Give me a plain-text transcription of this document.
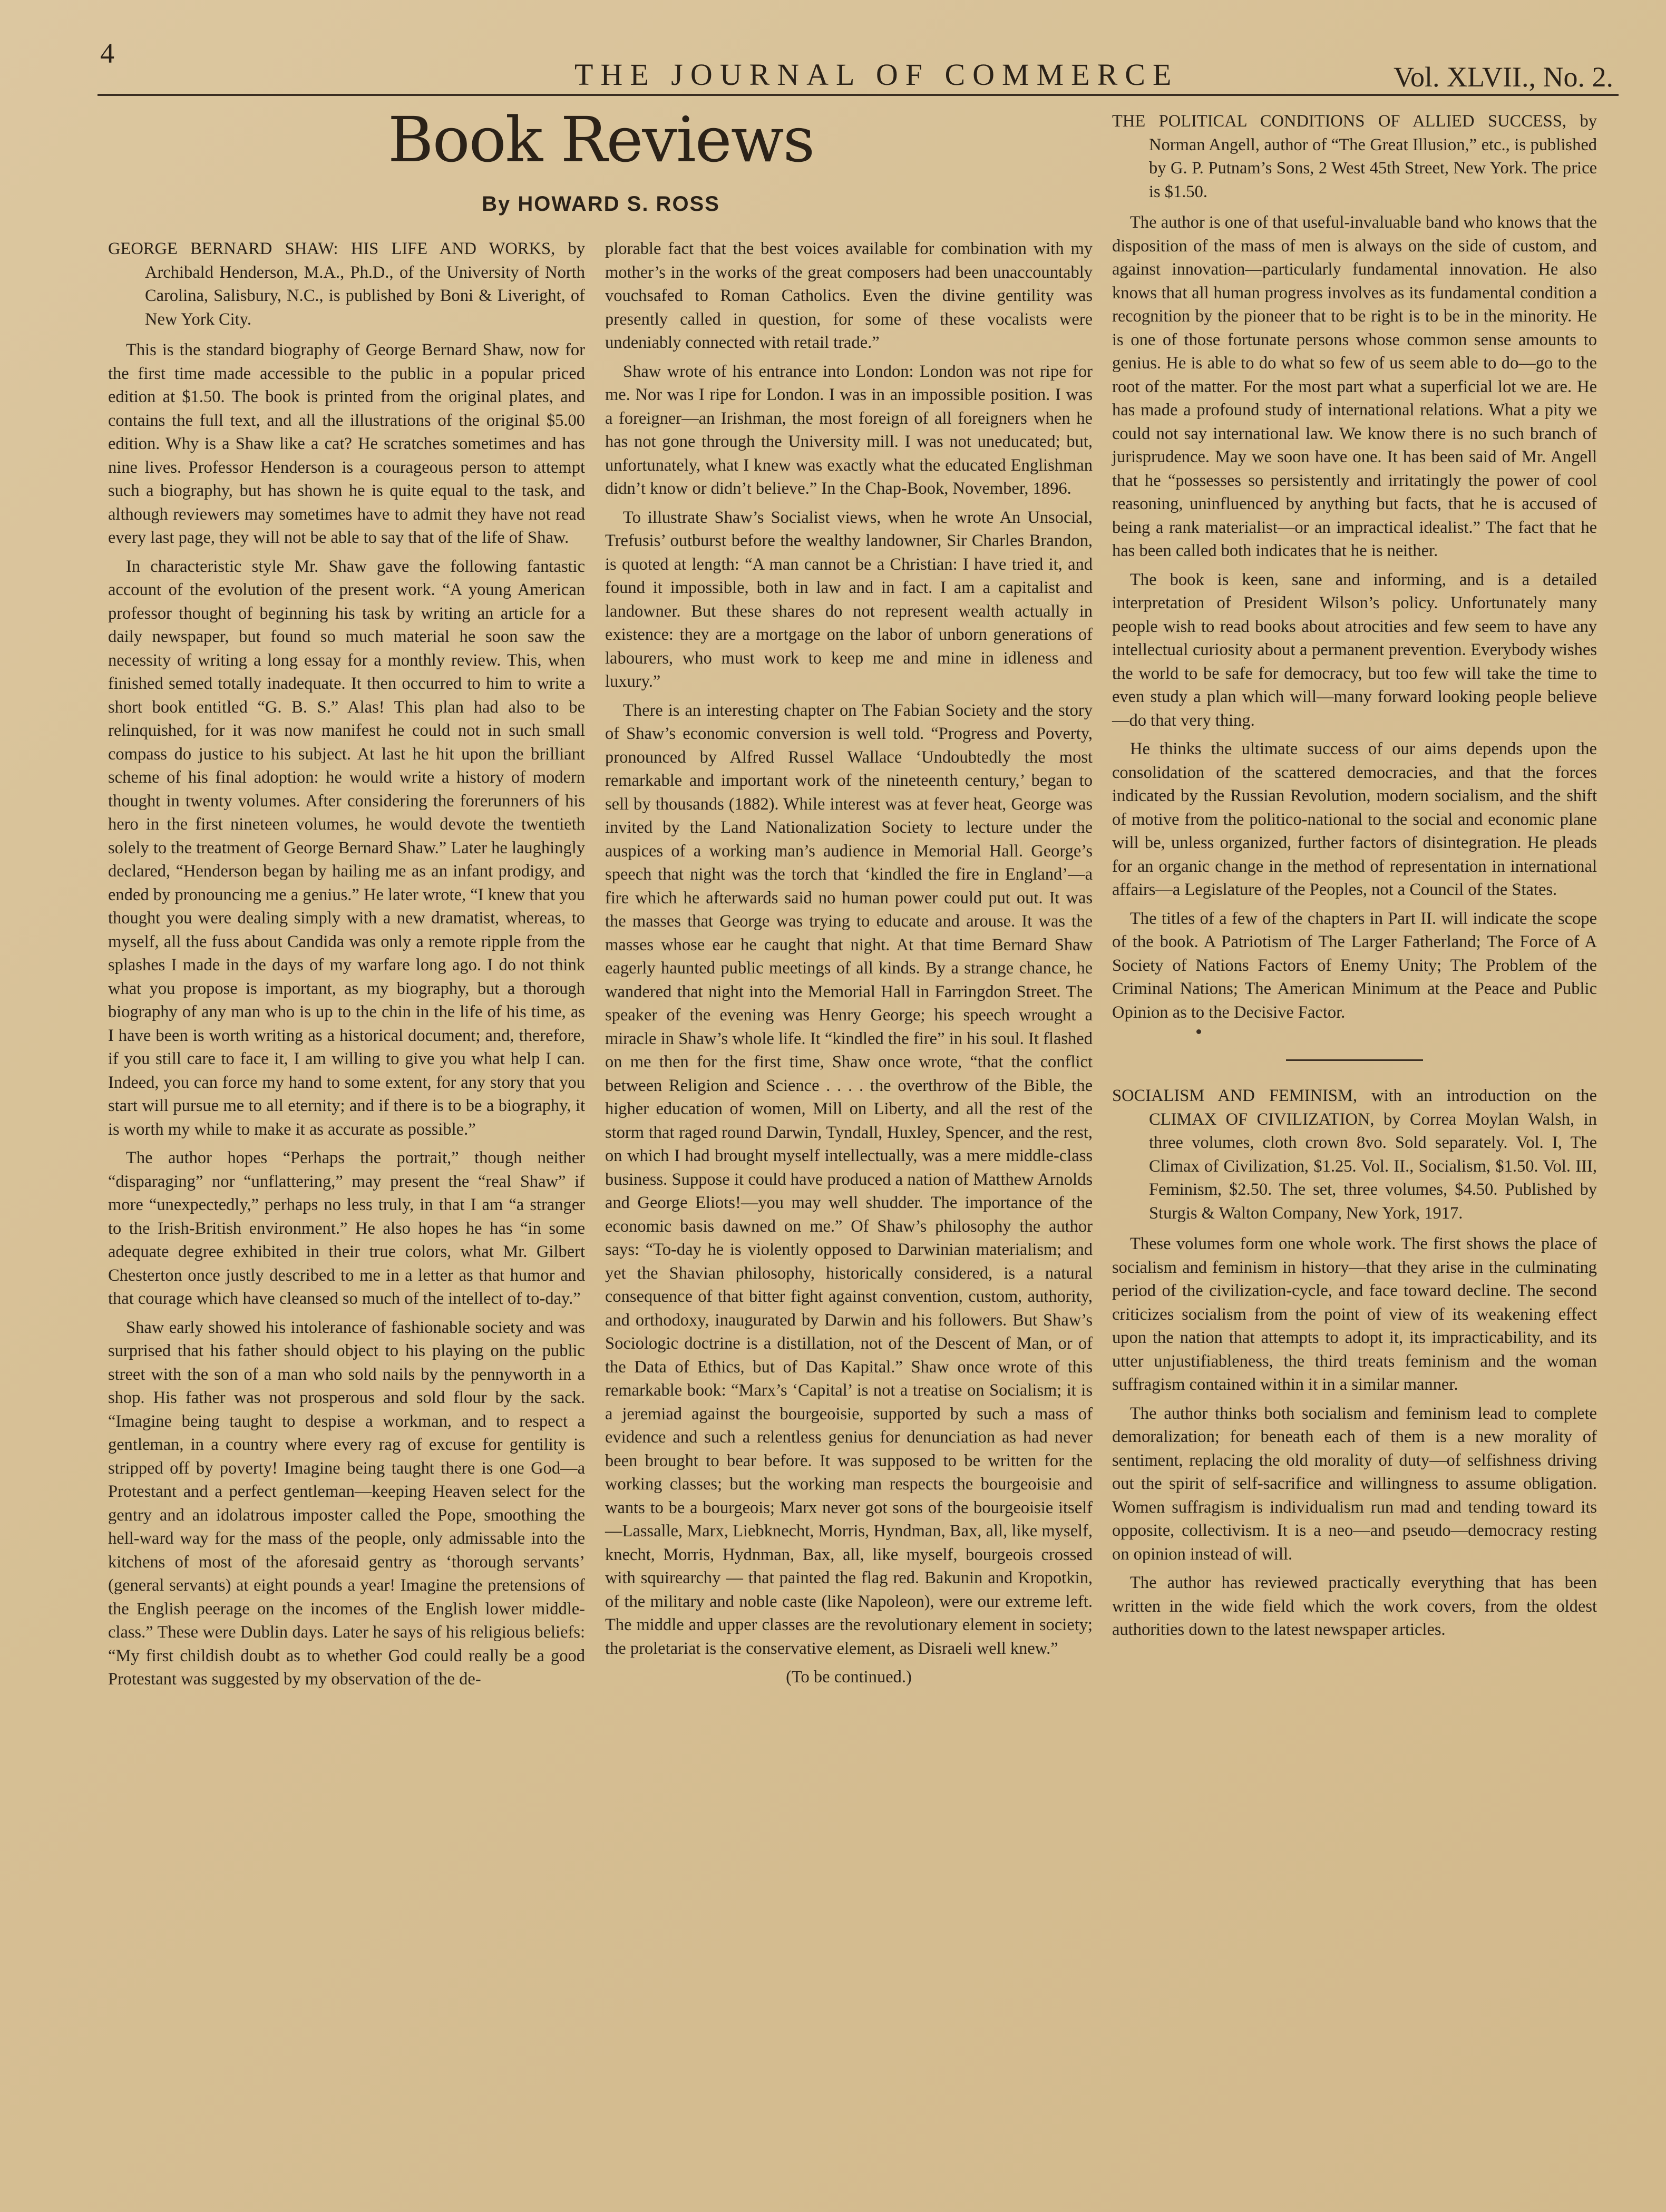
4
THE JOURNAL OF COMMERCE	Vol. XLVII., No. 2.
Book Reviews
By HOWARD S. ROSS

GEORGE BERNARD SHAW: HIS LIFE AND WORKS, by Archibald Henderson, M.A., Ph.D., of the University of North Carolina, Salisbury, N.C., is published by Boni & Liveright, of New York City.

This is the standard biography of George Bernard Shaw, now for the first time made accessible to the public in a popular priced edition at $1.50. The book is printed from the original plates, and contains the full text, and all the illustrations of the original $5.00 edition. Why is a Shaw like a cat? He scratches sometimes and has nine lives. Professor Henderson is a courageous person to attempt such a biography, but has shown he is quite equal to the task, and although reviewers may sometimes have to admit they have not read every last page, they will not be able to say that of the life of Shaw.

In characteristic style Mr. Shaw gave the following fantastic account of the evolution of the present work. “A young American professor thought of beginning his task by writing an article for a daily newspaper, but found so much material he soon saw the necessity of writing a long essay for a monthly review. This, when finished semed totally inadequate. It then occurred to him to write a short book entitled “G. B. S.” Alas! This plan had also to be relinquished, for it was now manifest he could not in such small compass do justice to his subject. At last he hit upon the brilliant scheme of his final adoption: he would write a history of modern thought in twenty volumes. After considering the forerunners of his hero in the first nineteen volumes, he would devote the twentieth solely to the treatment of George Bernard Shaw.” Later he laughingly declared, “Henderson began by hailing me as an infant prodigy, and ended by pronouncing me a genius.” He later wrote, “I knew that you thought you were dealing simply with a new dramatist, whereas, to myself, all the fuss about Candida was only a remote ripple from the splashes I made in the days of my warfare long ago. I do not think what you propose is important, as my biography, but a thorough biography of any man who is up to the chin in the life of his time, as I have been is worth writing as a historical document; and, therefore, if you still care to face it, I am willing to give you what help I can. Indeed, you can force my hand to some extent, for any story that you start will pursue me to all eternity; and if there is to be a biography, it is worth my while to make it as accurate as possible.”

The author hopes “Perhaps the portrait,” though neither “disparaging” nor “unflattering,” may present the “real Shaw” if more “unexpectedly,” perhaps no less truly, in that I am “a stranger to the Irish-British environment.” He also hopes he has “in some adequate degree exhibited in their true colors, what Mr. Gilbert Chesterton once justly described to me in a letter as that humor and that courage which have cleansed so much of the intellect of to-day.”

Shaw early showed his intolerance of fashionable society and was surprised that his father should object to his playing on the public street with the son of a man who sold nails by the pennyworth in a shop. His father was not prosperous and sold flour by the sack. “Imagine being taught to despise a workman, and to respect a gentleman, in a country where every rag of excuse for gentility is stripped off by poverty! Imagine being taught there is one God—a Protestant and a perfect gentleman—keeping Heaven select for the gentry and an idolatrous imposter called the Pope, smoothing the hell-ward way for the mass of the people, only admissable into the kitchens of most of the aforesaid gentry as ‘thorough servants’ (general servants) at eight pounds a year! Imagine the pretensions of the English peerage on the incomes of the English lower middle-class.” These were Dublin days. Later he says of his religious beliefs: “My first childish doubt as to whether God could really be a good Protestant was suggested by my observation of the de-

plorable fact that the best voices available for combination with my mother’s in the works of the great composers had been unaccountably vouchsafed to Roman Catholics. Even the divine gentility was presently called in question, for some of these vocalists were undeniably connected with retail trade.”

Shaw wrote of his entrance into London: London was not ripe for me. Nor was I ripe for London. I was in an impossible position. I was a foreigner—an Irishman, the most foreign of all foreigners when he has not gone through the University mill. I was not uneducated; but, unfortunately, what I knew was exactly what the educated Englishman didn’t know or didn’t believe.” In the Chap-Book, November, 1896.

To illustrate Shaw’s Socialist views, when he wrote An Unsocial, Trefusis’ outburst before the wealthy landowner, Sir Charles Brandon, is quoted at length: “A man cannot be a Christian: I have tried it, and found it impossible, both in law and in fact. I am a capitalist and landowner. But these shares do not represent wealth actually in existence: they are a mortgage on the labor of unborn generations of labourers, who must work to keep me and mine in idleness and luxury.”

There is an interesting chapter on The Fabian Society and the story of Shaw’s economic conversion is well told. “Progress and Poverty, pronounced by Alfred Russel Wallace ‘Undoubtedly the most remarkable and important work of the nineteenth century,’ began to sell by thousands (1882). While interest was at fever heat, George was invited by the Land Nationalization Society to lecture under the auspices of a working man’s audience in Memorial Hall. George’s speech that night was the torch that ‘kindled the fire in England’—a fire which he afterwards said no human power could put out. It was the masses that George was trying to educate and arouse. It was the masses whose ear he caught that night. At that time Bernard Shaw eagerly haunted public meetings of all kinds. By a strange chance, he wandered that night into the Memorial Hall in Farringdon Street. The speaker of the evening was Henry George; his speech wrought a miracle in Shaw’s whole life. It “kindled the fire” in his soul. It flashed on me then for the first time, Shaw once wrote, “that the conflict between Religion and Science . . . . the overthrow of the Bible, the higher education of women, Mill on Liberty, and all the rest of the storm that raged round Darwin, Tyndall, Huxley, Spencer, and the rest, on which I had brought myself intellectually, was a mere middle-class business. Suppose it could have produced a nation of Matthew Arnolds and George Eliots!—you may well shudder. The importance of the economic basis dawned on me.” Of Shaw’s philosophy the author says: “To-day he is violently opposed to Darwinian materialism; and yet the Shavian philosophy, historically considered, is a natural consequence of that bitter fight against convention, custom, authority, and orthodoxy, inaugurated by Darwin and his followers. But Shaw’s Sociologic doctrine is a distillation, not of the Descent of Man, or of the Data of Ethics, but of Das Kapital.” Shaw once wrote of this remarkable book: “Marx’s ‘Capital’ is not a treatise on Socialism; it is a jeremiad against the bourgeoisie, supported by such a mass of evidence and such a relentless genius for denunciation as had never been brought to bear before. It was supposed to be written for the working classes; but the working man respects the bourgeoisie and wants to be a bourgeois; Marx never got sons of the bourgeoisie itself—Lassalle, Marx, Liebknecht, Morris, Hyndman, Bax, all, like myself, knecht, Morris, Hydnman, Bax, all, like myself, bourgeois crossed with squirearchy — that painted the flag red. Bakunin and Kropotkin, of the military and noble caste (like Napoleon), were our extreme left. The middle and upper classes are the revolutionary element in society; the proletariat is the conservative element, as Disraeli well knew.”

(To be continued.)

THE POLITICAL CONDITIONS OF ALLIED SUCCESS, by Norman Angell, author of “The Great Illusion,” etc., is published by G. P. Putnam’s Sons, 2 West 45th Street, New York. The price is $1.50.

The author is one of that useful-invaluable band who knows that the disposition of the mass of men is always on the side of custom, and against innovation—particularly fundamental innovation. He also knows that all human progress involves as its fundamental condition a recognition by the pioneer that to be right is to be in the minority. He is one of those fortunate persons whose common sense amounts to genius. He is able to do what so few of us seem able to do—go to the root of the matter. For the most part what a superficial lot we are. He has made a profound study of international relations. What a pity we could not say international law. We know there is no such branch of jurisprudence. May we soon have one. It has been said of Mr. Angell that he “possesses so persistently and irritatingly the power of cool reasoning, uninfluenced by anything but facts, that he is accused of being a rank materialist—or an impractical idealist.” The fact that he has been called both indicates that he is neither.

The book is keen, sane and informing, and is a detailed interpretation of President Wilson’s policy. Unfortunately many people wish to read books about atrocities and few seem to have any intellectual curiosity about a permanent prevention. Everybody wishes the world to be safe for democracy, but too few will take the time to even study a plan which will—many forward looking people believe—do that very thing.

He thinks the ultimate success of our aims depends upon the consolidation of the scattered democracies, and that the forces indicated by the Russian Revolution, modern socialism, and the shift of motive from the politico-national to the social and economic plane will be, unless organized, further factors of disintegration. He pleads for an organic change in the method of representation in international affairs—a Legislature of the Peoples, not a Council of the States.

The titles of a few of the chapters in Part II. will indicate the scope of the book. A Patriotism of The Larger Fatherland; The Force of A Society of Nations Factors of Enemy Unity; The Problem of the Criminal Nations; The American Minimum at the Peace and Public Opinion as to the Decisive Factor.

SOCIALISM AND FEMINISM, with an introduction on the CLIMAX OF CIVILIZATION, by Correa Moylan Walsh, in three volumes, cloth crown 8vo. Sold separately. Vol. I, The Climax of Civilization, $1.25. Vol. II., Socialism, $1.50. Vol. III, Feminism, $2.50. The set, three volumes, $4.50. Published by Sturgis & Walton Company, New York, 1917.

These volumes form one whole work. The first shows the place of socialism and feminism in history—that they arise in the culminating period of the civilization-cycle, and face toward decline. The second criticizes socialism from the point of view of its weakening effect upon the nation that attempts to adopt it, its impracticability, and its utter unjustifiableness, the third treats feminism and the woman suffragism contained within it in a similar manner.

The author thinks both socialism and feminism lead to complete demoralization; for beneath each of them is a new morality of sentiment, replacing the old morality of duty—of selfishness driving out the spirit of self-sacrifice and willingness to assume obligation. Women suffragism is individualism run mad and tending toward its opposite, collectivism. It is a neo—and pseudo—democracy resting on opinion instead of will.

The author has reviewed practically everything that has been written in the wide field which the work covers, from the oldest authorities down to the latest newspaper articles.
